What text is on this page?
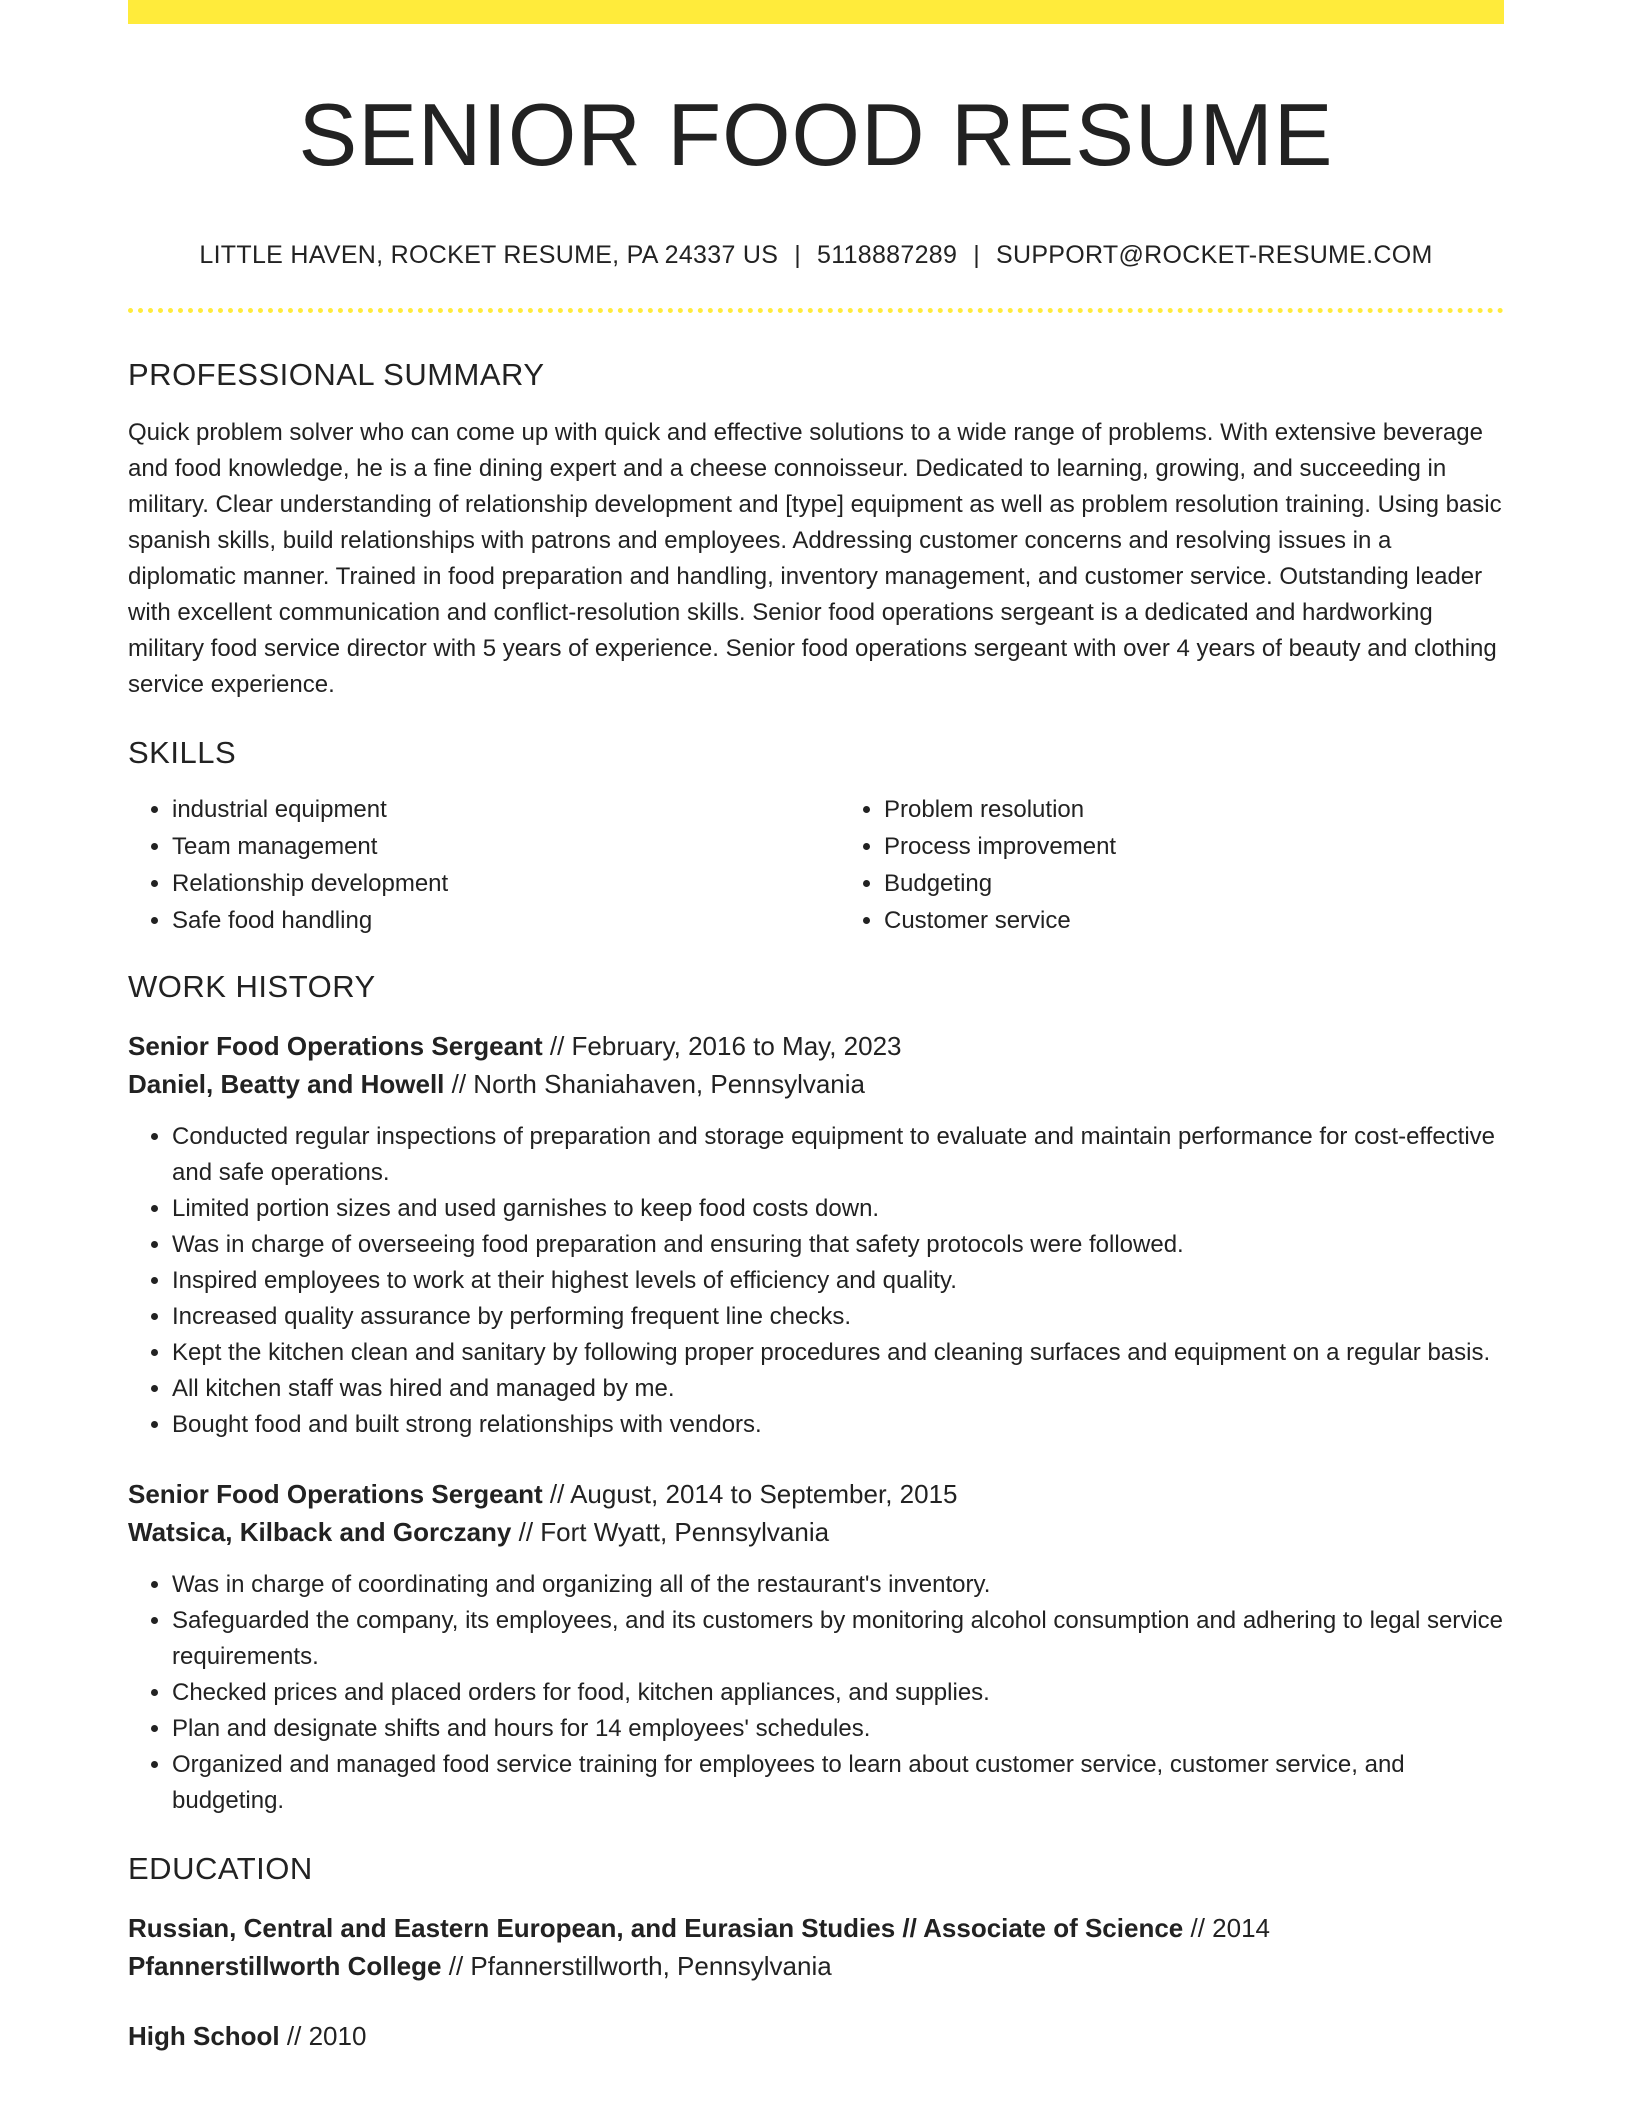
SENIOR FOOD RESUME
LITTLE HAVEN, ROCKET RESUME, PA 24337 US | 5118887289 | SUPPORT@ROCKET-RESUME.COM
PROFESSIONAL SUMMARY

Quick problem solver who can come up with quick and effective solutions to a wide range of problems. With extensive beverage and food knowledge, he is a fine dining expert and a cheese connoisseur. Dedicated to learning, growing, and succeeding in military. Clear understanding of relationship development and [type] equipment as well as problem resolution training. Using basic spanish skills, build relationships with patrons and employees. Addressing customer concerns and resolving issues in a diplomatic manner. Trained in food preparation and handling, inventory management, and customer service. Outstanding leader with excellent communication and conflict-resolution skills. Senior food operations sergeant is a dedicated and hardworking military food service director with 5 years of experience. Senior food operations sergeant with over 4 years of beauty and clothing service experience.

SKILLS
• industrial equipment
• Team management
• Relationship development
• Safe food handling
• Problem resolution
• Process improvement
• Budgeting
• Customer service
WORK HISTORY
Senior Food Operations Sergeant // February, 2016 to May, 2023
Daniel, Beatty and Howell // North Shaniahaven, Pennsylvania
• Conducted regular inspections of preparation and storage equipment to evaluate and maintain performance for cost-effective and safe operations.
• Limited portion sizes and used garnishes to keep food costs down.
• Was in charge of overseeing food preparation and ensuring that safety protocols were followed.
• Inspired employees to work at their highest levels of efficiency and quality.
• Increased quality assurance by performing frequent line checks.
• Kept the kitchen clean and sanitary by following proper procedures and cleaning surfaces and equipment on a regular basis.
• All kitchen staff was hired and managed by me.
• Bought food and built strong relationships with vendors.
Senior Food Operations Sergeant // August, 2014 to September, 2015
Watsica, Kilback and Gorczany // Fort Wyatt, Pennsylvania
• Was in charge of coordinating and organizing all of the restaurant's inventory.
• Safeguarded the company, its employees, and its customers by monitoring alcohol consumption and adhering to legal service requirements.
• Checked prices and placed orders for food, kitchen appliances, and supplies.
• Plan and designate shifts and hours for 14 employees' schedules.
• Organized and managed food service training for employees to learn about customer service, customer service, and budgeting.
EDUCATION
Russian, Central and Eastern European, and Eurasian Studies // Associate of Science // 2014
Pfannerstillworth College // Pfannerstillworth, Pennsylvania
High School // 2010
